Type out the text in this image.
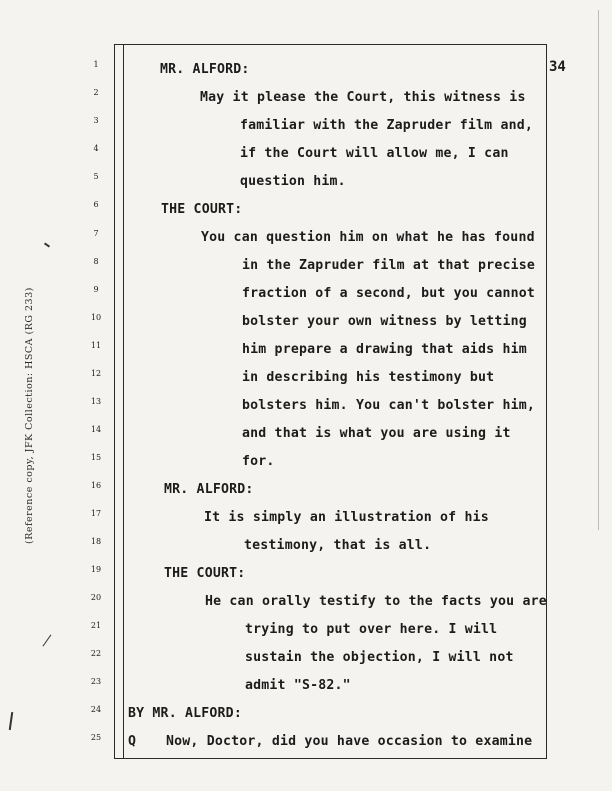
34
(Reference copy, JFK Collection: HSCA (RG 233)
1
2
3
4
5
6
7
8
9
10
11
12
13
14
15
16
17
18
19
20
21
22
23
24
25
MR. ALFORD:
May it please the Court, this witness is
familiar with the Zapruder film and,
if the Court will allow me, I can
question him.
THE COURT:
You can question him on what he has found
in the Zapruder film at that precise
fraction of a second, but you cannot
bolster your own witness by letting
him prepare a drawing that aids him
in describing his testimony but
bolsters him. You can't bolster him,
and that is what you are using it
for.
MR. ALFORD:
It is simply an illustration of his
testimony, that is all.
THE COURT:
He can orally testify to the facts you are
trying to put over here. I will
sustain the objection, I will not
admit "S-82."
BY MR. ALFORD:
Q Now, Doctor, did you have occasion to examine
